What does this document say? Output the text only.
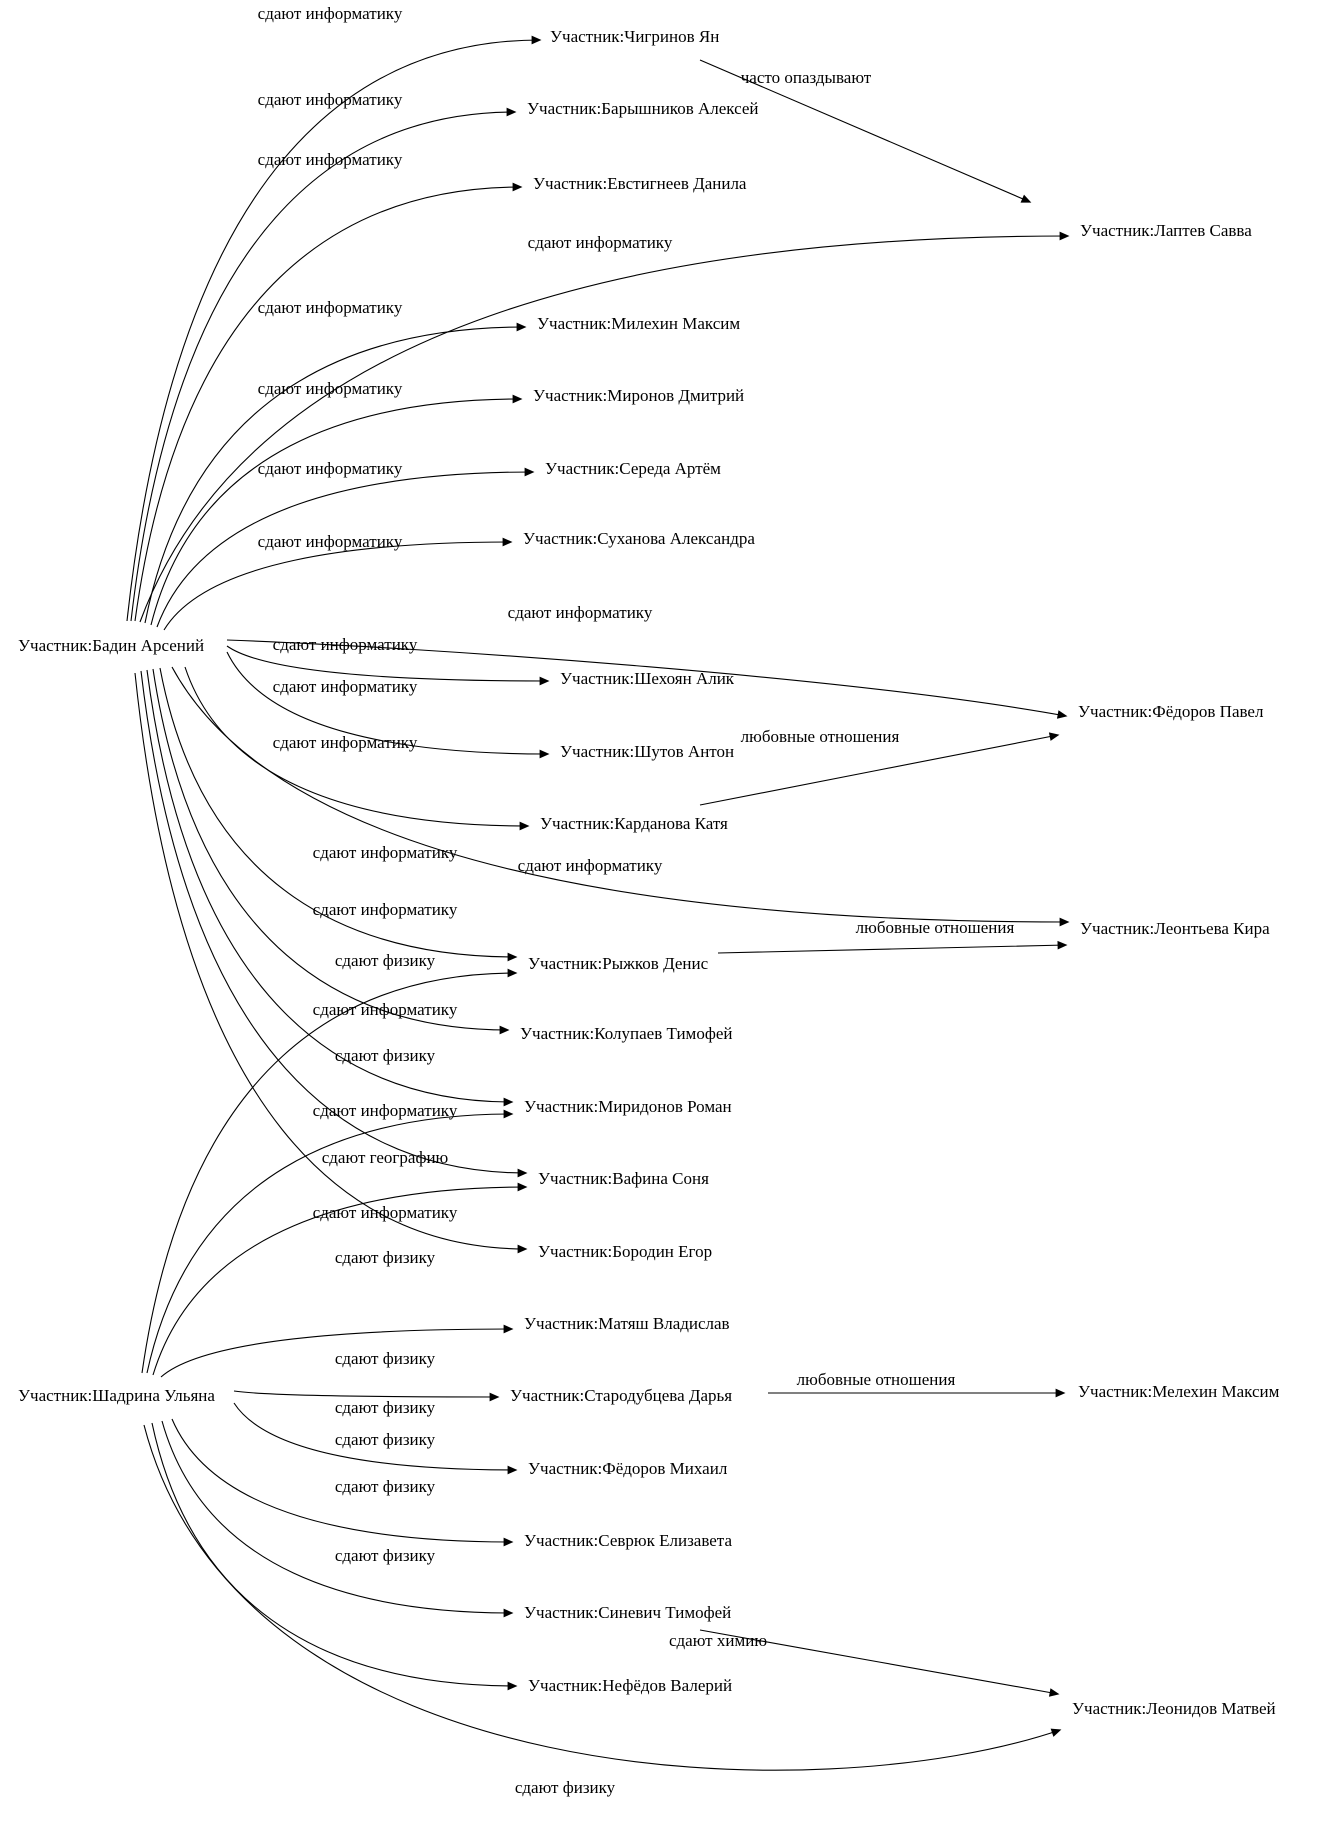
сдают информатику
сдают информатику
сдают информатику
сдают информатику
сдают информатику
сдают информатику
сдают информатику
сдают информатику
сдают информатику
сдают информатику
сдают информатику
сдают информатику
сдают информатику
сдают информатику
сдают информатику
сдают информатику
сдают информатику
сдают информатику
сдают физику
сдают физику
сдают географию
сдают физику
сдают физику
сдают физику
сдают физику
сдают физику
сдают физику
сдают физику
часто опаздывают
любовные отношения
любовные отношения
любовные отношения
сдают химию
Участник:Бадин Арсений
Участник:Шадрина Ульяна
Участник:Чигринов Ян
Участник:Барышников Алексей
Участник:Евстигнеев Данила
Участник:Лаптев Савва
Участник:Милехин Максим
Участник:Миронов Дмитрий
Участник:Середа Артём
Участник:Суханова Александра
Участник:Шехоян Алик
Участник:Фёдоров Павел
Участник:Шутов Антон
Участник:Карданова Катя
Участник:Леонтьева Кира
Участник:Рыжков Денис
Участник:Колупаев Тимофей
Участник:Миридонов Роман
Участник:Вафина Соня
Участник:Бородин Егор
Участник:Матяш Владислав
Участник:Стародубцева Дарья	Участник:Мелехин Максим
Участник:Фёдоров Михаил
Участник:Севрюк Елизавета
Участник:Синевич Тимофей
Участник:Нефёдов Валерий
Участник:Леонидов Матвей
